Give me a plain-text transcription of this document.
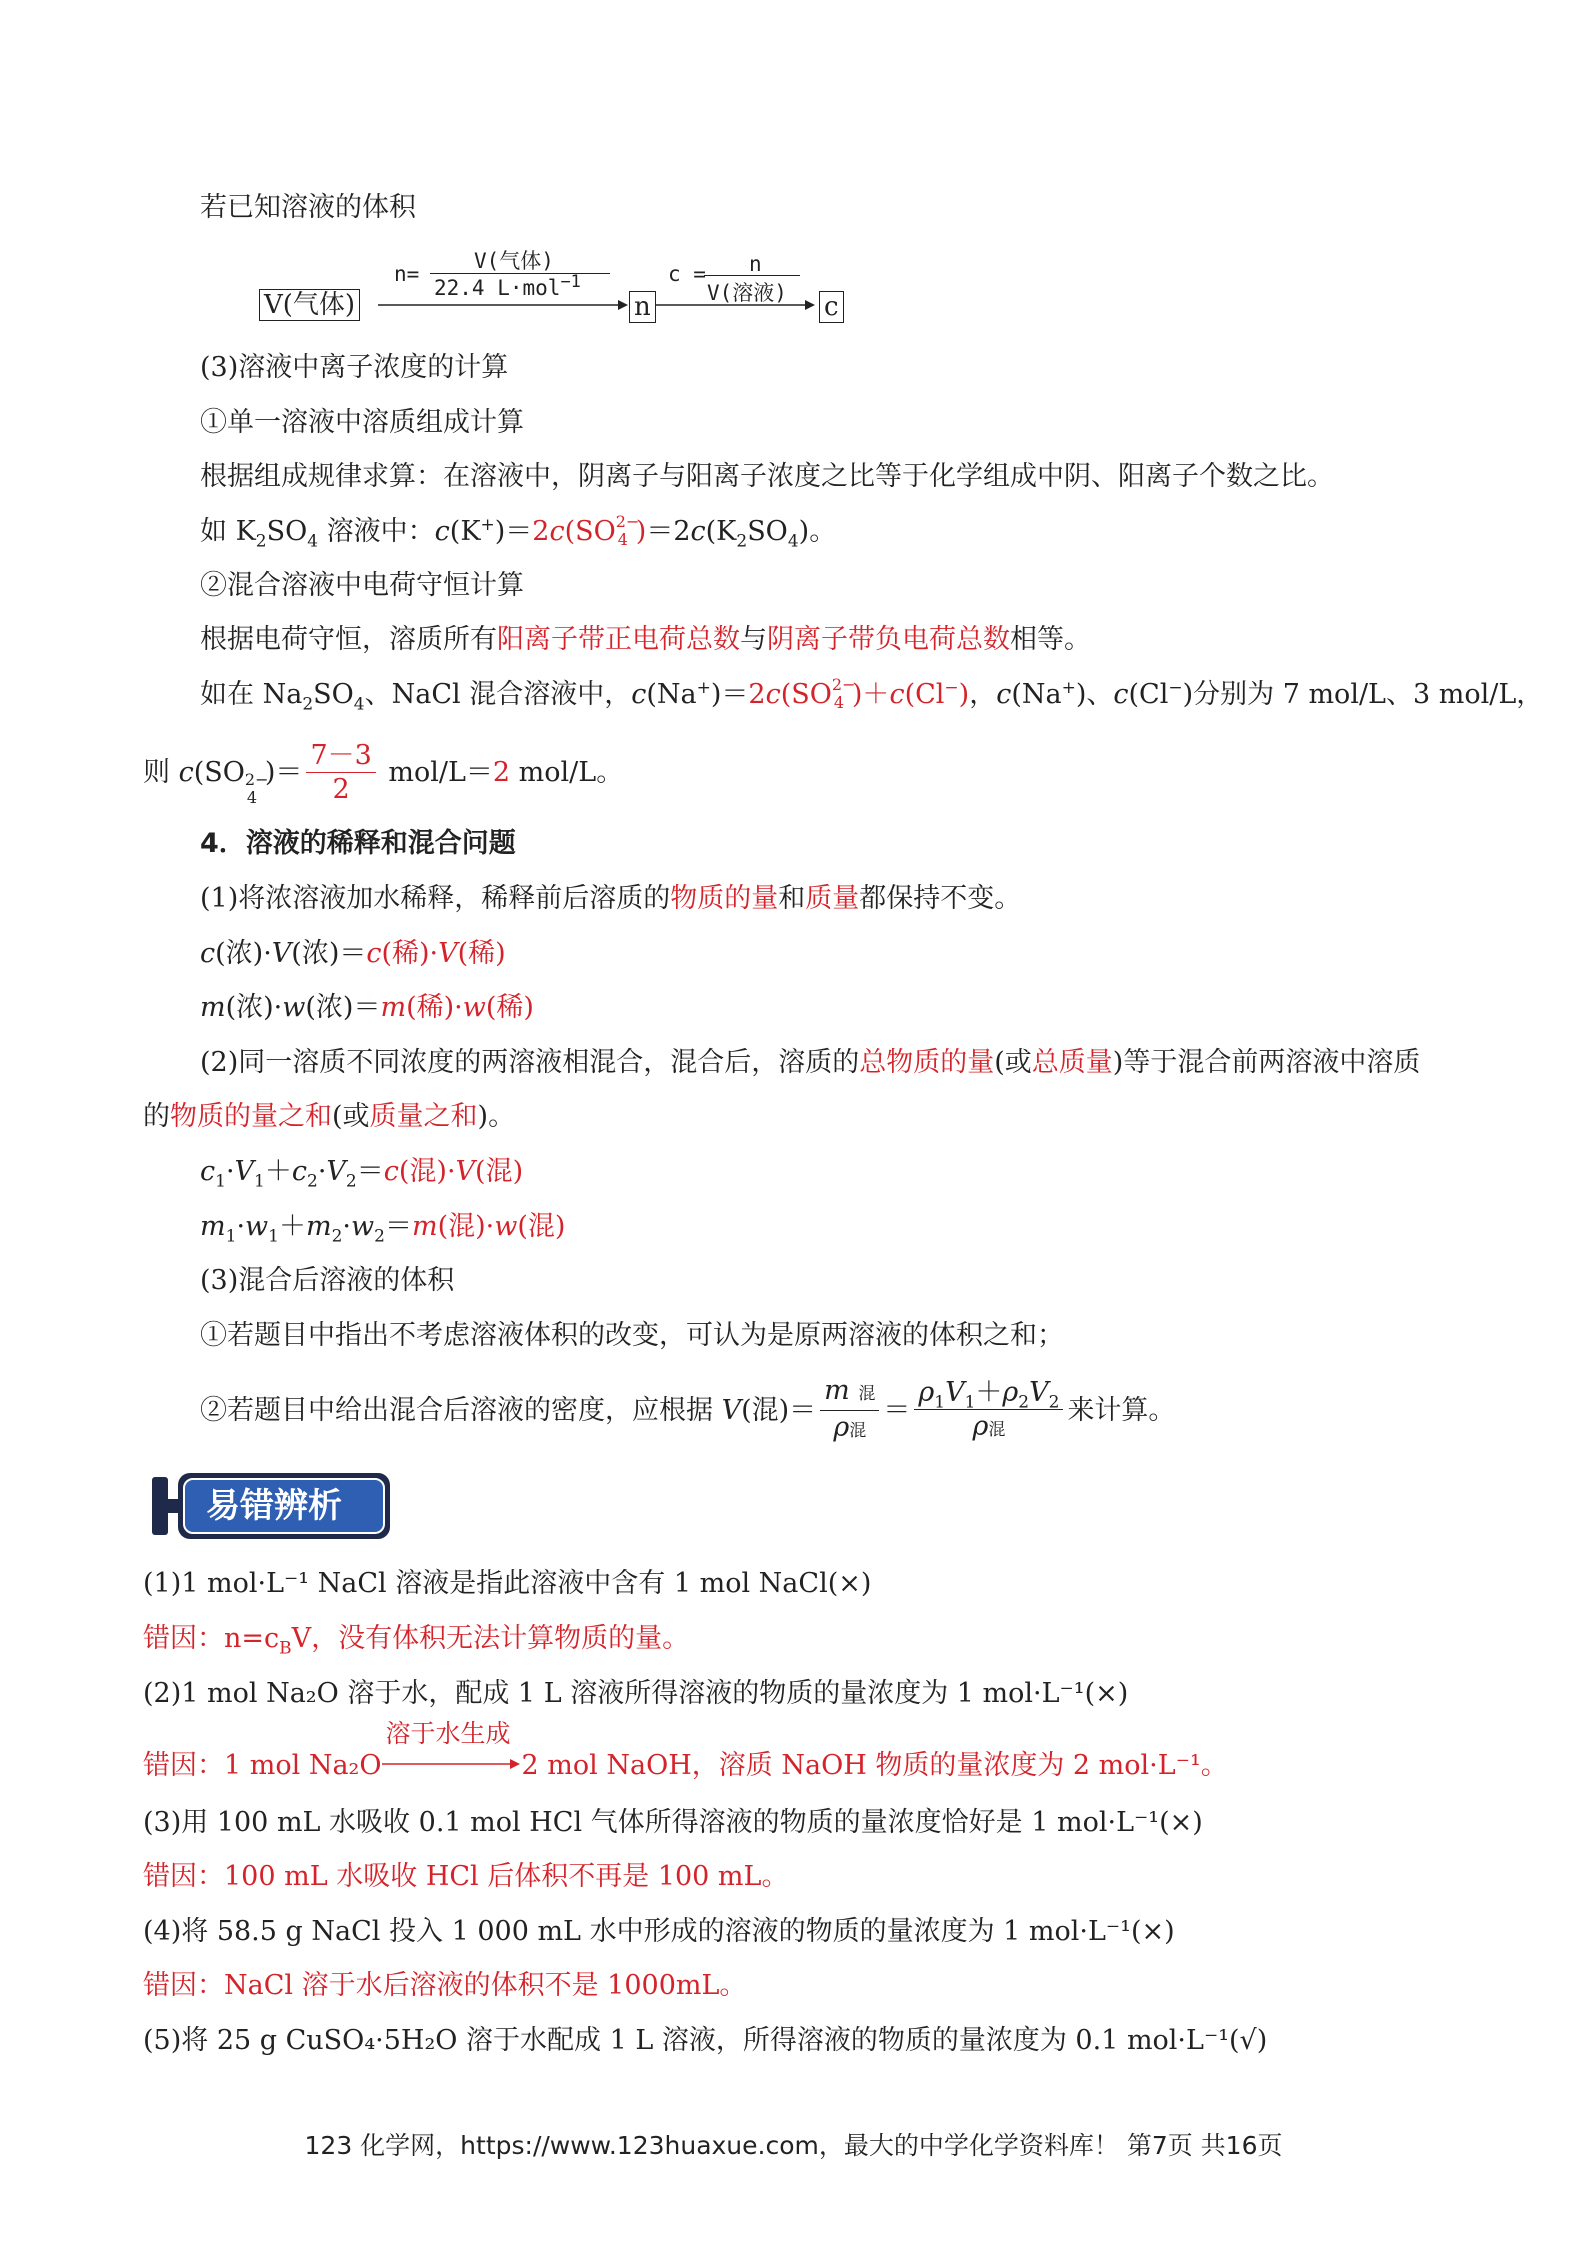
若已知溶液的体积
V(气体)
n=
V(气体)
22.4 L·mol$^{-1}$
n
c = n
V(溶液) c
(3)溶液中离子浓度的计算
①单一溶液中溶质组成计算
根据组成规律求算：在溶液中，阴离子与阳离子浓度之比等于化学组成中阴、阳离子个数之比。
如 $K_2SO_4$ 溶液中：c(K+)＝2c(SO 2−
4 )$=2c(K_2SO_4)$。
②混合溶液中电荷守恒计算
根据电荷守恒，溶质所有阳离子带正电荷总数与阴离子带负电荷总数相等。
如在 $Na_2SO_4$、NaCl 混合溶液中，c(Na+)＝2c(SO 2−
4 )＋c(Cl−)，c(Na+)、c(Cl−)分别为 7 mol/L、3 mol/L，
则 c(SO 2−
4
)＝ $\frac{7-3}{2} mol/L=2$ mol/L。
4．溶液的稀释和混合问题
(1)将浓溶液加水稀释，稀释前后溶质的物质的量和质量都保持不变。
c(浓)·V(浓)＝c(稀)·V(稀)
m(浓)·w(浓)＝m(稀)·w(稀)
(2)同一溶质不同浓度的两溶液相混合，混合后，溶质的总物质的量(或总质量)等于混合前两溶液中溶质
的物质的量之和(或质量之和)。
$c_1\cdot V_1+c_2\cdot V_2=c$(混)·V(混)
$m_1\cdot w_1+m_2\cdot w_2=m$(混)·w(混)
(3)混合后溶液的体积
①若题目中指出不考虑溶液体积的改变，可认为是原两溶液的体积之和；
②若题目中给出混合后溶液的密度，应根据 V(混)＝ $\frac{\text{m 混}}{\text{ρ混}} = \frac{\rho_1V_1+\rho_2V_2}{\text{ρ混}}$ 来计算。
易错辨析
(1)1 mol·L⁻¹ NaCl 溶液是指此溶液中含有 1 mol NaCl(×)
错因：$n=c_BV$，没有体积无法计算物质的量。
(2)1 mol Na₂O 溶于水，配成 1 L 溶液所得溶液的物质的量浓度为 1 mol·L⁻¹(×)
错因：1 mol Na₂O
溶于水生成
2 mol NaOH，溶质 NaOH 物质的量浓度为 2 mol·L⁻¹。
(3)用 100 mL 水吸收 0.1 mol HCl 气体所得溶液的物质的量浓度恰好是 1 mol·L⁻¹(×)
错因：100 mL 水吸收 HCl 后体积不再是 100 mL。
(4)将 58.5 g NaCl 投入 1 000 mL 水中形成的溶液的物质的量浓度为 1 mol·L⁻¹(×)
错因：NaCl 溶于水后溶液的体积不是 1000mL。
(5)将 25 g CuSO₄·5H₂O 溶于水配成 1 L 溶液，所得溶液的物质的量浓度为 0.1 mol·L⁻¹(√)
123 化学网，https://www.123huaxue.com，最大的中学化学资料库！ 第7页 共16页
